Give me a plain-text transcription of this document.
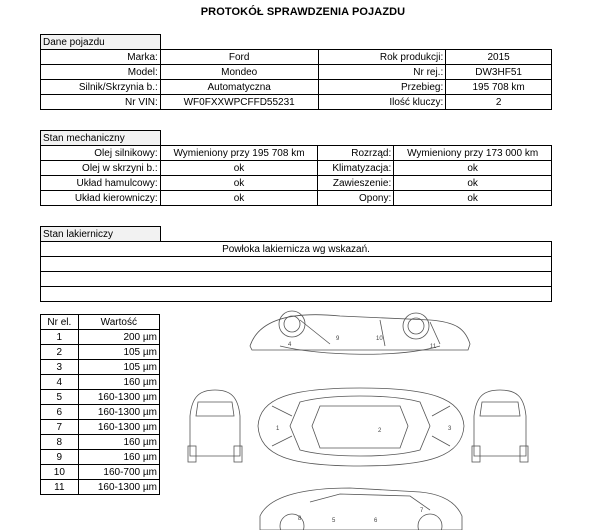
PROTOKÓŁ SPRAWDZENIA POJAZDU
Dane pojazdu			
Marka:	Ford	Rok produkcji:	2015
Model:	Mondeo	Nr rej.:	DW3HF51
Silnik/Skrzynia b.:	Automatyczna	Przebieg:	195 708 km
Nr VIN:	WF0FXXWPCFFD55231	Ilość kluczy:	2
Stan mechaniczny			
Olej silnikowy:	Wymieniony przy 195 708 km	Rozrząd:	Wymieniony przy 173 000 km
Olej w skrzyni b.:	ok	Klimatyzacja:	ok
Układ hamulcowy:	ok	Zawieszenie:	ok
Układ kierowniczy:	ok	Opony:	ok
Stan lakierniczy	
Powłoka lakiernicza wg wskazań.

Nr el.	Wartość
1	200 µm
2	105 µm
3	105 µm
4	160 µm
5	160-1300 µm
6	160-1300 µm
7	160-1300 µm
8	160 µm
9	160 µm
10	160-700 µm
11	160-1300 µm
4
9	10
11
1	2	3
8	5	6
7
